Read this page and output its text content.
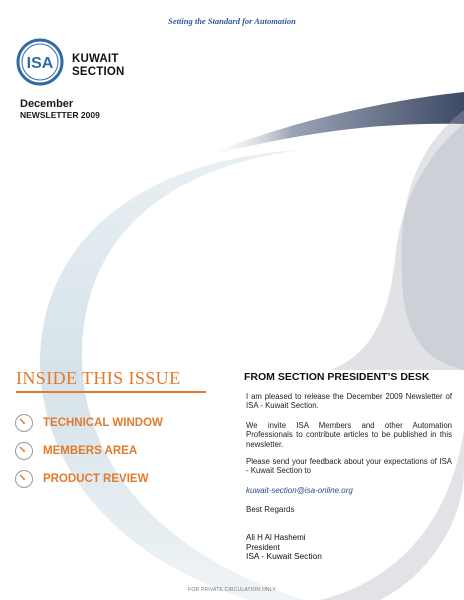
Setting the Standard for Automation
ISA KUWAIT
SECTION
December
NEWSLETTER 2009
INSIDE THIS ISSUE
TECHNICAL WINDOW
MEMBERS AREA
PRODUCT REVIEW
FROM SECTION PRESIDENT’S DESK
I am pleased to release the December 2009 Newsletter of ISA - Kuwait Section.
We invite ISA Members and other Automation Professionals to contribute articles to be published in this newsletter.
Please send your feedback about your expectations of ISA - Kuwait Section to
kuwait-section@isa-online.org
Best Regards
Ali H Al Hashemi
President
ISA - Kuwait Section
FOR PRIVATE CIRCULATION ONLY
